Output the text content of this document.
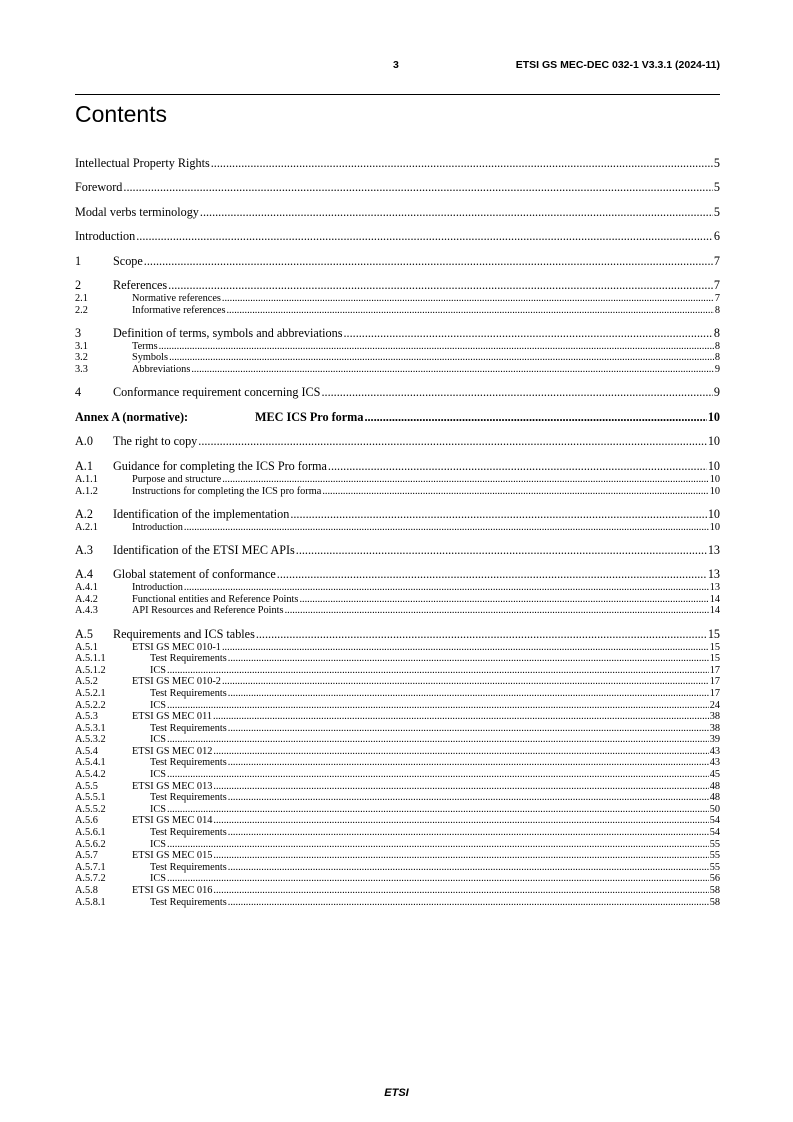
3	ETSI GS MEC-DEC 032-1 V3.3.1 (2024-11)
Contents
Intellectual Property Rights .....	5
Foreword .....	5
Modal verbs terminology .....	5
Introduction .....	6
1	Scope .....	7
2	References .....	7
2.1	Normative references .....	7
2.2	Informative references .....	8
3	Definition of terms, symbols and abbreviations .....	8
3.1	Terms .....	8
3.2	Symbols .....	8
3.3	Abbreviations .....	9
4	Conformance requirement concerning ICS .....	9
Annex A (normative):	MEC ICS Pro forma .....	10
A.0	The right to copy .....	10
A.1	Guidance for completing the ICS Pro forma .....	10
A.1.1	Purpose and structure .....	10
A.1.2	Instructions for completing the ICS pro forma .....	10
A.2	Identification of the implementation .....	10
A.2.1	Introduction .....	10
A.3	Identification of the ETSI MEC APIs .....	13
A.4	Global statement of conformance .....	13
A.4.1	Introduction .....	13
A.4.2	Functional entities and Reference Points .....	14
A.4.3	API Resources and Reference Points .....	14
A.5	Requirements and ICS tables .....	15
A.5.1	ETSI GS MEC 010-1 .....	15
A.5.1.1	Test Requirements .....	15
A.5.1.2	ICS .....	17
A.5.2	ETSI GS MEC 010-2 .....	17
A.5.2.1	Test Requirements .....	17
A.5.2.2	ICS .....	24
A.5.3	ETSI GS MEC 011 .....	38
A.5.3.1	Test Requirements .....	38
A.5.3.2	ICS .....	39
A.5.4	ETSI GS MEC 012 .....	43
A.5.4.1	Test Requirements .....	43
A.5.4.2	ICS .....	45
A.5.5	ETSI GS MEC 013 .....	48
A.5.5.1	Test Requirements .....	48
A.5.5.2	ICS .....	50
A.5.6	ETSI GS MEC 014 .....	54
A.5.6.1	Test Requirements .....	54
A.5.6.2	ICS .....	55
A.5.7	ETSI GS MEC 015 .....	55
A.5.7.1	Test Requirements .....	55
A.5.7.2	ICS .....	56
A.5.8	ETSI GS MEC 016 .....	58
A.5.8.1	Test Requirements .....	58
ETSI
